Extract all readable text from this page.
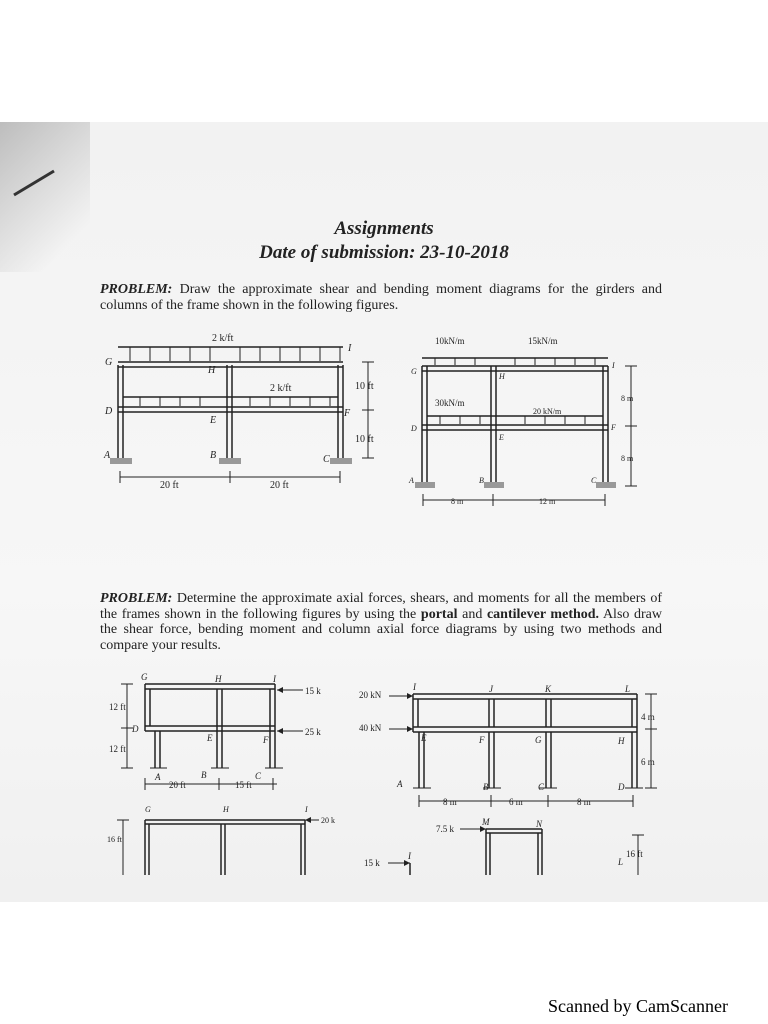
Assignments
Date of submission: 23-10-2018
PROBLEM: Draw the approximate shear and bending moment diagrams for the girders and columns of the frame shown in the following figures.
2 k/ft
2 k/ft
G
H
I
D
E
F
A	B	C
10 ft
10 ft
20 ft	20 ft
10kN/m	15kN/m
30kN/m
20 kN/m
G
H
I
D
E
F
A	B	C
8 m
8 m
8 m	12 m
PROBLEM: Determine the approximate axial forces, shears, and moments for all the members of the frames shown in the following figures by using the portal and cantilever method. Also draw the shear force, bending moment and column axial force diagrams by using two methods and compare your results.
G	H	I
D
E	F
A	B	C
15 k
25 k
12 ft
12 ft
20 ft	15 ft
I	J	K	L
E	F	G	H
A	B	C	D
20 kN
40 kN
4 m
6 m
8 m	6 m	8 m
G	H	I
20 k
16 ft
M	N
I
L
7.5 k
15 k
16 ft
Scanned by CamScanner
